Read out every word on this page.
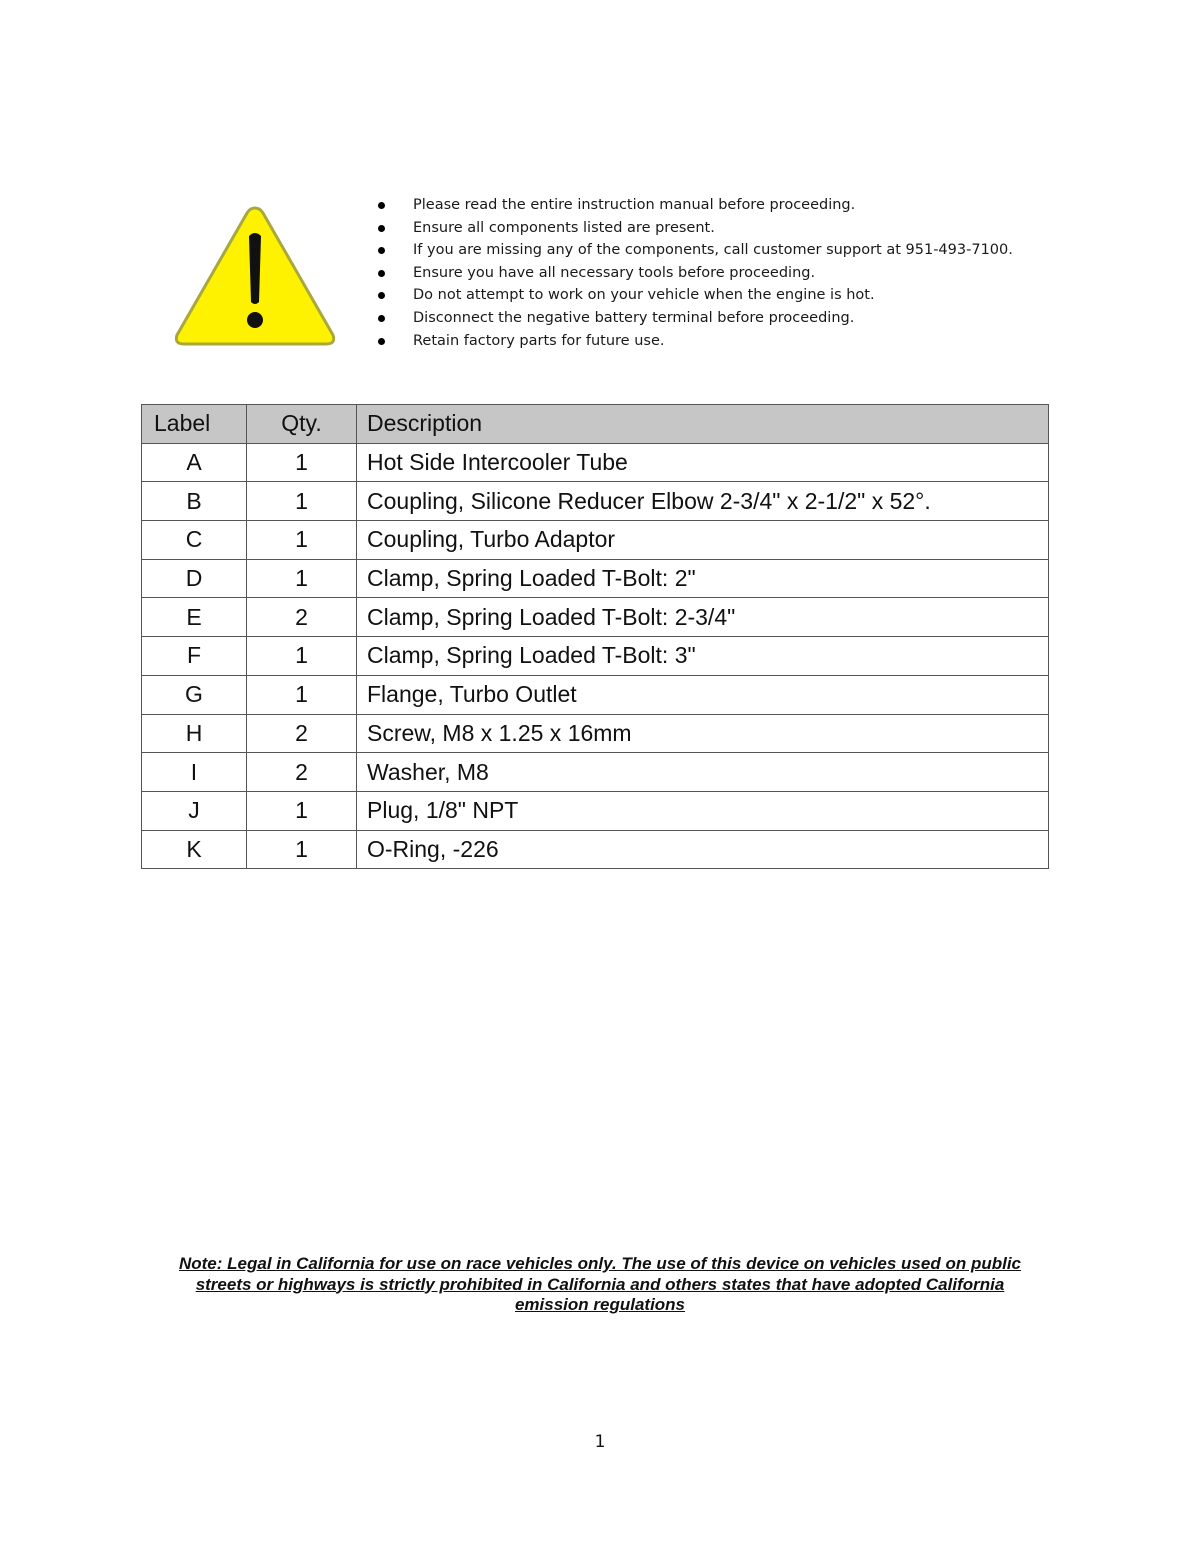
Please read the entire instruction manual before proceeding.
Ensure all components listed are present.
If you are missing any of the components, call customer support at 951-493-7100.
Ensure you have all necessary tools before proceeding.
Do not attempt to work on your vehicle when the engine is hot.
Disconnect the negative battery terminal before proceeding.
Retain factory parts for future use.
Label	Qty.	Description
A	1	Hot Side Intercooler Tube
B	1	Coupling, Silicone Reducer Elbow 2-3/4" x 2-1/2" x 52°.
C	1	Coupling, Turbo Adaptor
D	1	Clamp, Spring Loaded T-Bolt: 2"
E	2	Clamp, Spring Loaded T-Bolt: 2-3/4"
F	1	Clamp, Spring Loaded T-Bolt: 3"
G	1	Flange, Turbo Outlet
H	2	Screw, M8 x 1.25 x 16mm
I	2	Washer, M8
J	1	Plug, 1/8" NPT
K	1	O-Ring, -226
Note: Legal in California for use on race vehicles only. The use of this device on vehicles used on public
streets or highways is strictly prohibited in California and others states that have adopted California
emission regulations
1
